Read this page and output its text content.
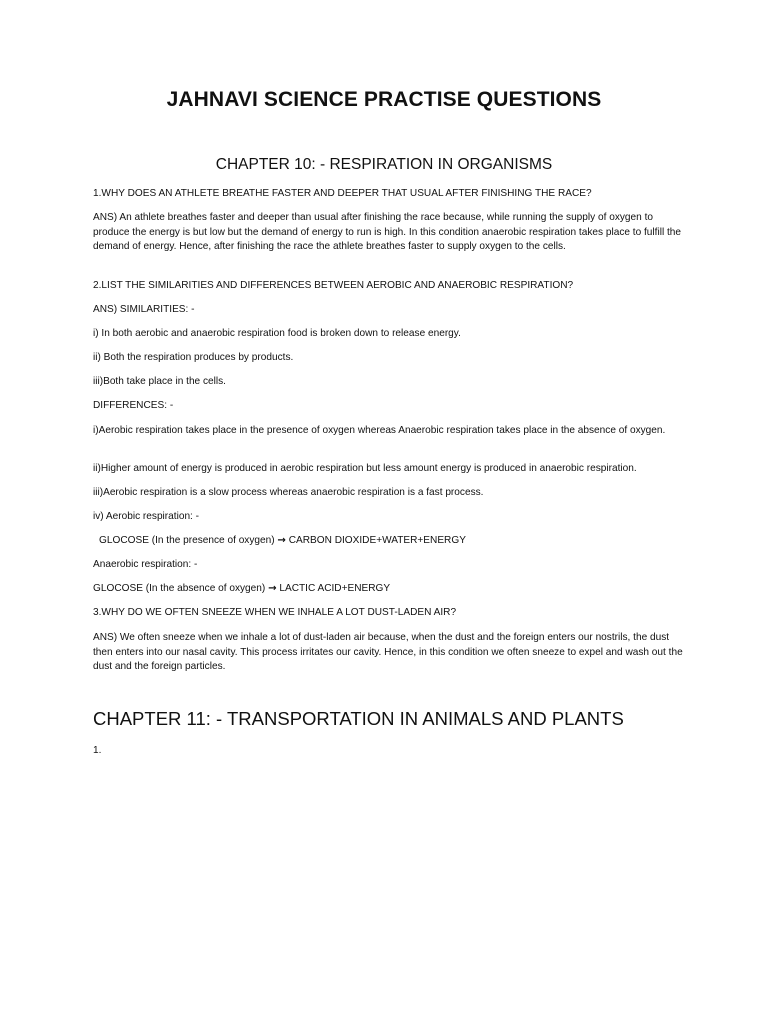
JAHNAVI SCIENCE PRACTISE QUESTIONS
CHAPTER 10: - RESPIRATION IN ORGANISMS

1.WHY DOES AN ATHLETE BREATHE FASTER AND DEEPER THAT USUAL AFTER FINISHING THE RACE?

ANS) An athlete breathes faster and deeper than usual after finishing the race because, while running the supply of oxygen to produce the energy is but low but the demand of energy to run is high. In this condition anaerobic respiration takes place to fulfill the demand of energy. Hence, after finishing the race the athlete breathes faster to supply oxygen to the cells.

2.LIST THE SIMILARITIES AND DIFFERENCES BETWEEN AEROBIC AND ANAEROBIC RESPIRATION?

ANS) SIMILARITIES: -

i) In both aerobic and anaerobic respiration food is broken down to release energy.

ii) Both the respiration produces by products.

iii)Both take place in the cells.

DIFFERENCES: -

i)Aerobic respiration takes place in the presence of oxygen whereas Anaerobic respiration takes place in the absence of oxygen.

ii)Higher amount of energy is produced in aerobic respiration but less amount energy is produced in anaerobic respiration.

iii)Aerobic respiration is a slow process whereas anaerobic respiration is a fast process.

iv) Aerobic respiration: -

GLOCOSE (In the presence of oxygen) → CARBON DIOXIDE+WATER+ENERGY

Anaerobic respiration: -

GLOCOSE (In the absence of oxygen) → LACTIC ACID+ENERGY

3.WHY DO WE OFTEN SNEEZE WHEN WE INHALE A LOT DUST-LADEN AIR?

ANS) We often sneeze when we inhale a lot of dust-laden air because, when the dust and the foreign enters our nostrils, the dust then enters into our nasal cavity. This process irritates our cavity. Hence, in this condition we often sneeze to expel and wash out the dust and the foreign particles.

CHAPTER 11: - TRANSPORTATION IN ANIMALS AND PLANTS

1.
